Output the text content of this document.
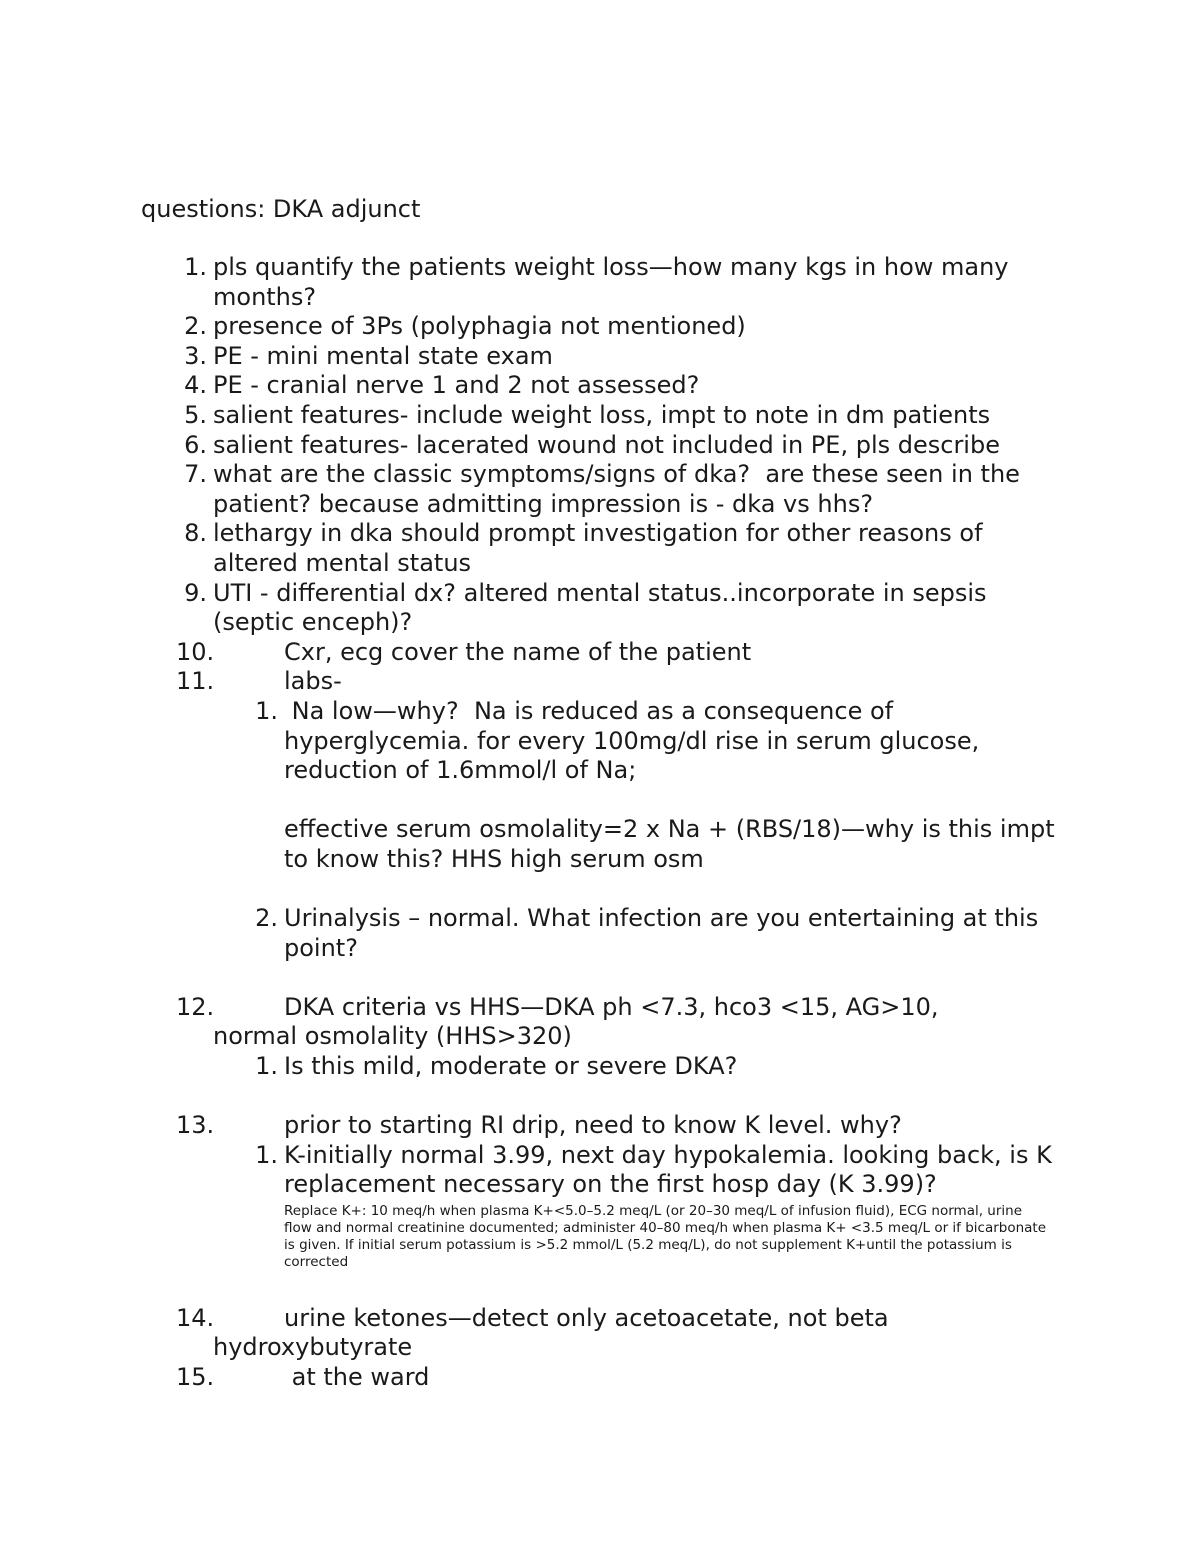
questions: DKA adjunct
1. pls quantify the patients weight loss—how many kgs in how many months?
2. presence of 3Ps (polyphagia not mentioned)
3. PE - mini mental state exam
4. PE - cranial nerve 1 and 2 not assessed?
5. salient features- include weight loss, impt to note in dm patients
6. salient features- lacerated wound not included in PE, pls describe
7. what are the classic symptoms/signs of dka?  are these seen in the patient? because admitting impression is - dka vs hhs?
8. lethargy in dka should prompt investigation for other reasons of altered mental status
9. UTI - differential dx? altered mental status..incorporate in sepsis (septic enceph)?
10.	Cxr, ecg cover the name of the patient
11.	labs-
1. Na low—why?  Na is reduced as a consequence of hyperglycemia. for every 100mg/dl rise in serum glucose, reduction of 1.6mmol/l of Na;
effective serum osmolality=2 x Na + (RBS/18)—why is this impt to know this? HHS high serum osm
2. Urinalysis – normal. What infection are you entertaining at this point?
12.	DKA criteria vs HHS—DKA ph <7.3, hco3 <15, AG>10,
normal osmolality (HHS>320)
1. Is this mild, moderate or severe DKA?
13.	prior to starting RI drip, need to know K level. why?
1. K-initially normal 3.99, next day hypokalemia. looking back, is K replacement necessary on the first hosp day (K 3.99)?
Replace K+: 10 meq/h when plasma K+<5.0–5.2 meq/L (or 20–30 meq/L of infusion fluid), ECG normal, urine flow and normal creatinine documented; administer 40–80 meq/h when plasma K+ <3.5 meq/L or if bicarbonate is given. If initial serum potassium is >5.2 mmol/L (5.2 meq/L), do not supplement K+until the potassium is corrected
14.	urine ketones—detect only acetoacetate, not beta
hydroxybutyrate
15.	at the ward
